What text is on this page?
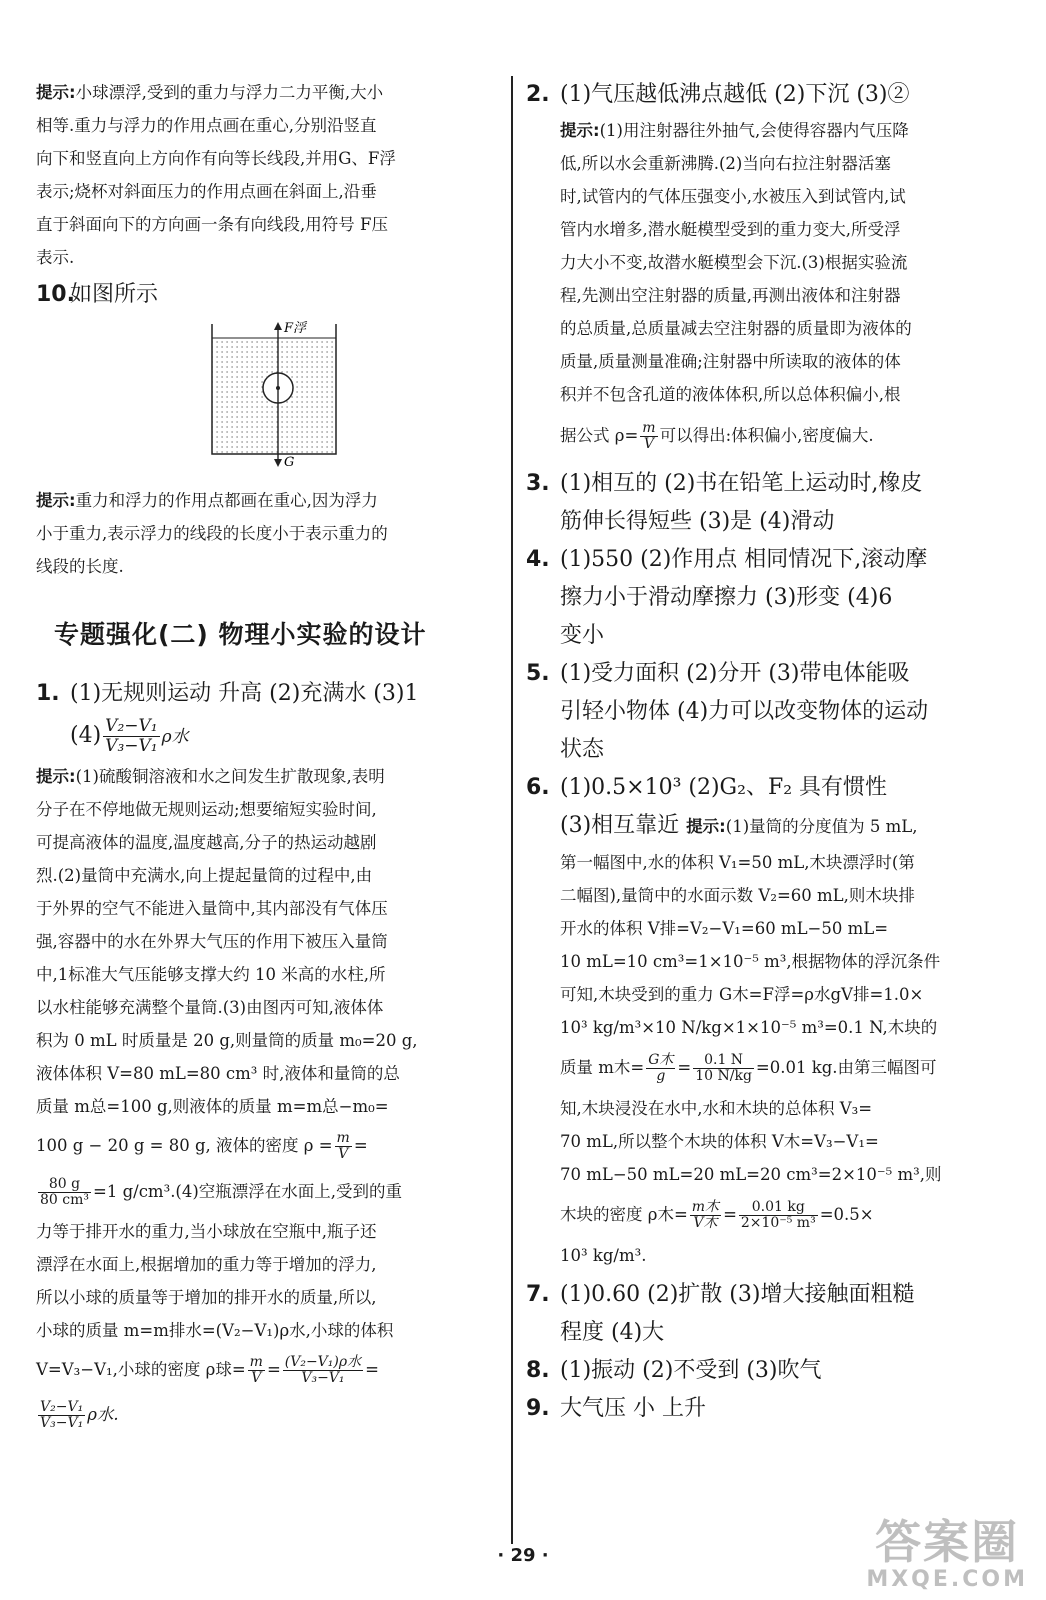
提示:小球漂浮,受到的重力与浮力二力平衡,大小

相等.重力与浮力的作用点画在重心,分别沿竖直

向下和竖直向上方向作有向等长线段,并用G、F浮

表示;烧杯对斜面压力的作用点画在斜面上,沿垂

直于斜面向下的方向画一条有向线段,用符号 F压

表示.

10.
如图所示
F浮
G

提示:重力和浮力的作用点都画在重心,因为浮力

小于重力,表示浮力的线段的长度小于表示重力的

线段的长度.

专题强化(二) 物理小实验的设计
1. (1)无规则运动 升高 (2)充满水 (3)1
$(4) \frac{\text{V₂−V₁}}{\text{V₃−V₁}}$ ρ水

提示:(1)硫酸铜溶液和水之间发生扩散现象,表明

分子在不停地做无规则运动;想要缩短实验时间,

可提高液体的温度,温度越高,分子的热运动越剧

烈.(2)量筒中充满水,向上提起量筒的过程中,由

于外界的空气不能进入量筒中,其内部没有气体压

强,容器中的水在外界大气压的作用下被压入量筒

中,1标准大气压能够支撑大约 10 米高的水柱,所

以水柱能够充满整个量筒.(3)由图丙可知,液体体

积为 0 mL 时质量是 20 g,则量筒的质量 m₀=20 g,

液体体积 V=80 mL=80 cm³ 时,液体和量筒的总

质量 m总=100 g,则液体的质量 m=m总−m₀=

100 g − 20 g = 80 g, 液体的密度 $\rho = \frac{m}{V}$ =

$\frac{80 g}{\text{80 cm³}} =1$ g/cm³.(4)空瓶漂浮在水面上,受到的重

力等于排开水的重力,当小球放在空瓶中,瓶子还

漂浮在水面上,根据增加的重力等于增加的浮力,

所以小球的质量等于增加的排开水的质量,所以,

小球的质量 m=m排水=(V₂−V₁)ρ水,小球的体积

V=V₃−V₁,小球的密度 ρ球= $\frac{m}{V} = \frac{\text{(V₂−V₁)ρ水}}{\text{V₃−V₁}}$ =

$\frac{\text{V₂−V₁}}{\text{V₃−V₁}}$ ρ水.

2. (1)气压越低沸点越低 (2)下沉 (3)②

提示:(1)用注射器往外抽气,会使得容器内气压降

低,所以水会重新沸腾.(2)当向右拉注射器活塞

时,试管内的气体压强变小,水被压入到试管内,试

管内水增多,潜水艇模型受到的重力变大,所受浮

力大小不变,故潜水艇模型会下沉.(3)根据实验流

程,先测出空注射器的质量,再测出液体和注射器

的总质量,总质量减去空注射器的质量即为液体的

质量,质量测量准确;注射器中所读取的液体的体

积并不包含孔道的液体体积,所以总体积偏小,根

据公式 $\rho= \frac{m}{V}$ 可以得出:体积偏小,密度偏大.

3. (1)相互的 (2)书在铅笔上运动时,橡皮
筋伸长得短些 (3)是 (4)滑动
4. (1)550 (2)作用点 相同情况下,滚动摩
擦力小于滑动摩擦力 (3)形变 (4)6
变小
5. (1)受力面积 (2)分开 (3)带电体能吸
引轻小物体 (4)力可以改变物体的运动
状态
6. (1)0.5×10³ (2)G₂、F₂ 具有惯性
(3)相互靠近 提示:(1)量筒的分度值为 5 mL,

第一幅图中,水的体积 V₁=50 mL,木块漂浮时(第

二幅图),量筒中的水面示数 V₂=60 mL,则木块排

开水的体积 V排=V₂−V₁=60 mL−50 mL=

10 mL=10 cm³=1×10⁻⁵ m³,根据物体的浮沉条件

可知,木块受到的重力 G木=F浮=ρ水gV排=1.0×

10³ kg/m³×10 N/kg×1×10⁻⁵ m³=0.1 N,木块的

质量 m木= $\frac{\text{G木}}{g} = \frac{0.1 N}{10 N/kg} =0.01$ kg.由第三幅图可

知,木块浸没在水中,水和木块的总体积 V₃=

70 mL,所以整个木块的体积 V木=V₃−V₁=

70 mL−50 mL=20 mL=20 cm³=2×10⁻⁵ m³,则

木块的密度 ρ木= $\frac{\text{m木}}{\text{V木}} = \frac{0.01 kg}{\text{2×10⁻⁵ m³}} =0.5\times$

10³ kg/m³.

7. (1)0.60 (2)扩散 (3)增大接触面粗糙
程度 (4)大
8. (1)振动 (2)不受到 (3)吹气
9. 大气压 小 上升
· 29 ·	答案圈
MXQE.COM
